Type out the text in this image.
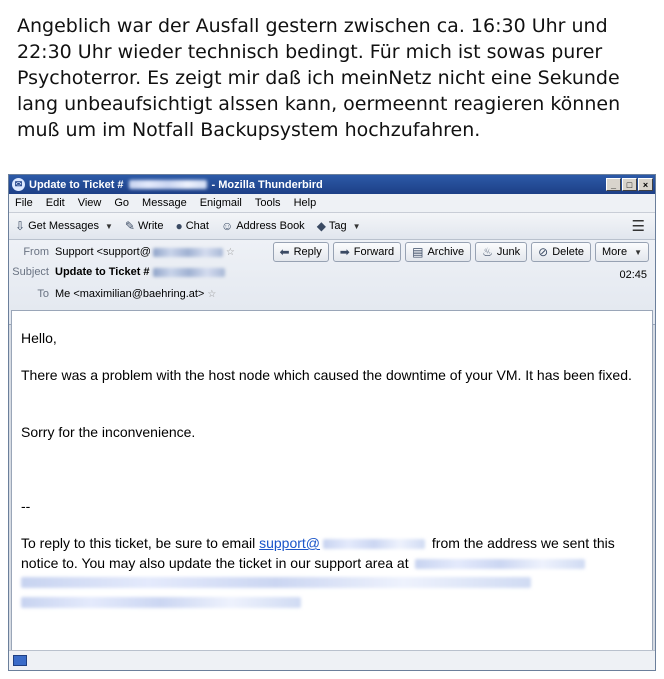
Angeblich war der Ausfall gestern zwischen ca. 16:30 Uhr und 22:30 Uhr wieder technisch bedingt. Für mich ist sowas purer Psychoterror. Es zeigt mir daß ich meinNetz nicht eine Sekunde lang unbeaufsichtigt alssen kann, oermeennt reagieren können muß um im Notfall Backupsystem hochzufahren.
✉ Update to Ticket #	- Mozilla Thunderbird	_	□	×
File Edit View Go Message Enigmail Tools Help
⇩ Get Messages ▼ ✎ Write ● Chat ☺ Address Book ◆ Tag ▼	☰
From Support <support@	☆
Subject Update to Ticket #
To Me <maximilian@baehring.at> ☆
⬅ Reply ➡ Forward ▤ Archive ♨ Junk ⊘ Delete More ▼
02:45

Hello,

There was a problem with the host node which caused the downtime of your VM. It has been fixed.

Sorry for the inconvenience.

--

To reply to this ticket, be sure to email support@	from the address we sent this notice to. You may also update the ticket in our support area at
